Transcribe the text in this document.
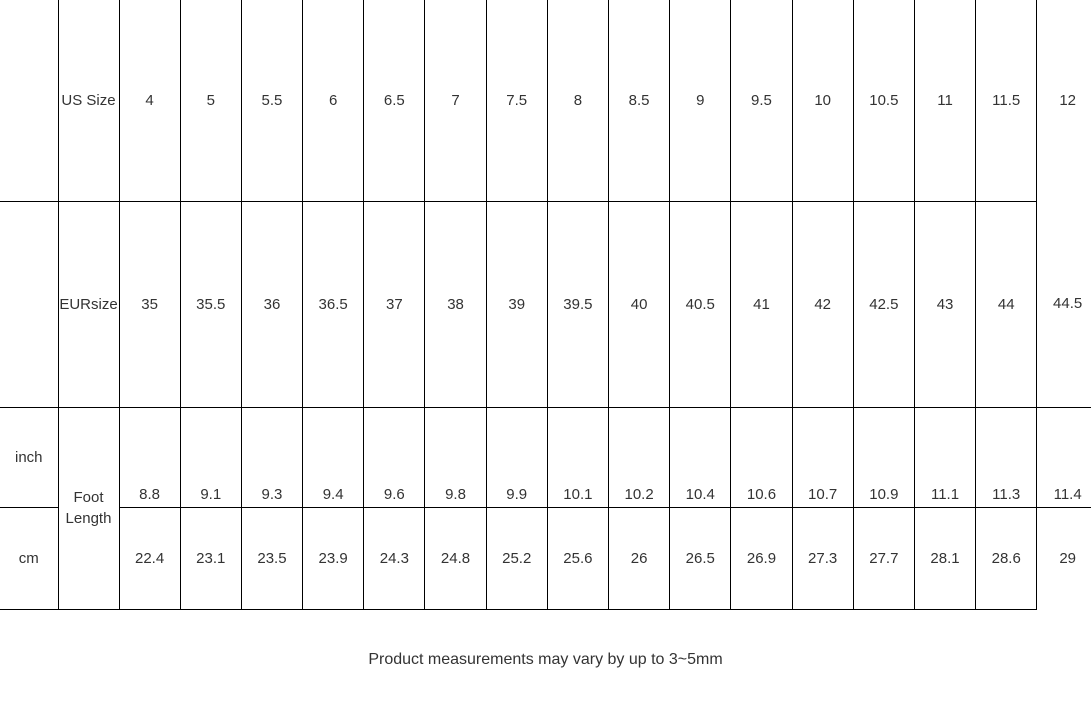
	US Size	4	5	5.5	6	6.5	7	7.5	8	8.5	9	9.5	10	10.5	11	11.5	12
	EURsize	35	35.5	36	36.5	37	38	39	39.5	40	40.5	41	42	42.5	43	44	44.5
inch	Foot Length	8.8	9.1	9.3	9.4	9.6	9.8	9.9	10.1	10.2	10.4	10.6	10.7	10.9	11.1	11.3	11.4
cm		22.4	23.1	23.5	23.9	24.3	24.8	25.2	25.6	26	26.5	26.9	27.3	27.7	28.1	28.6	29
Product measurements may vary by up to 3~5mm
